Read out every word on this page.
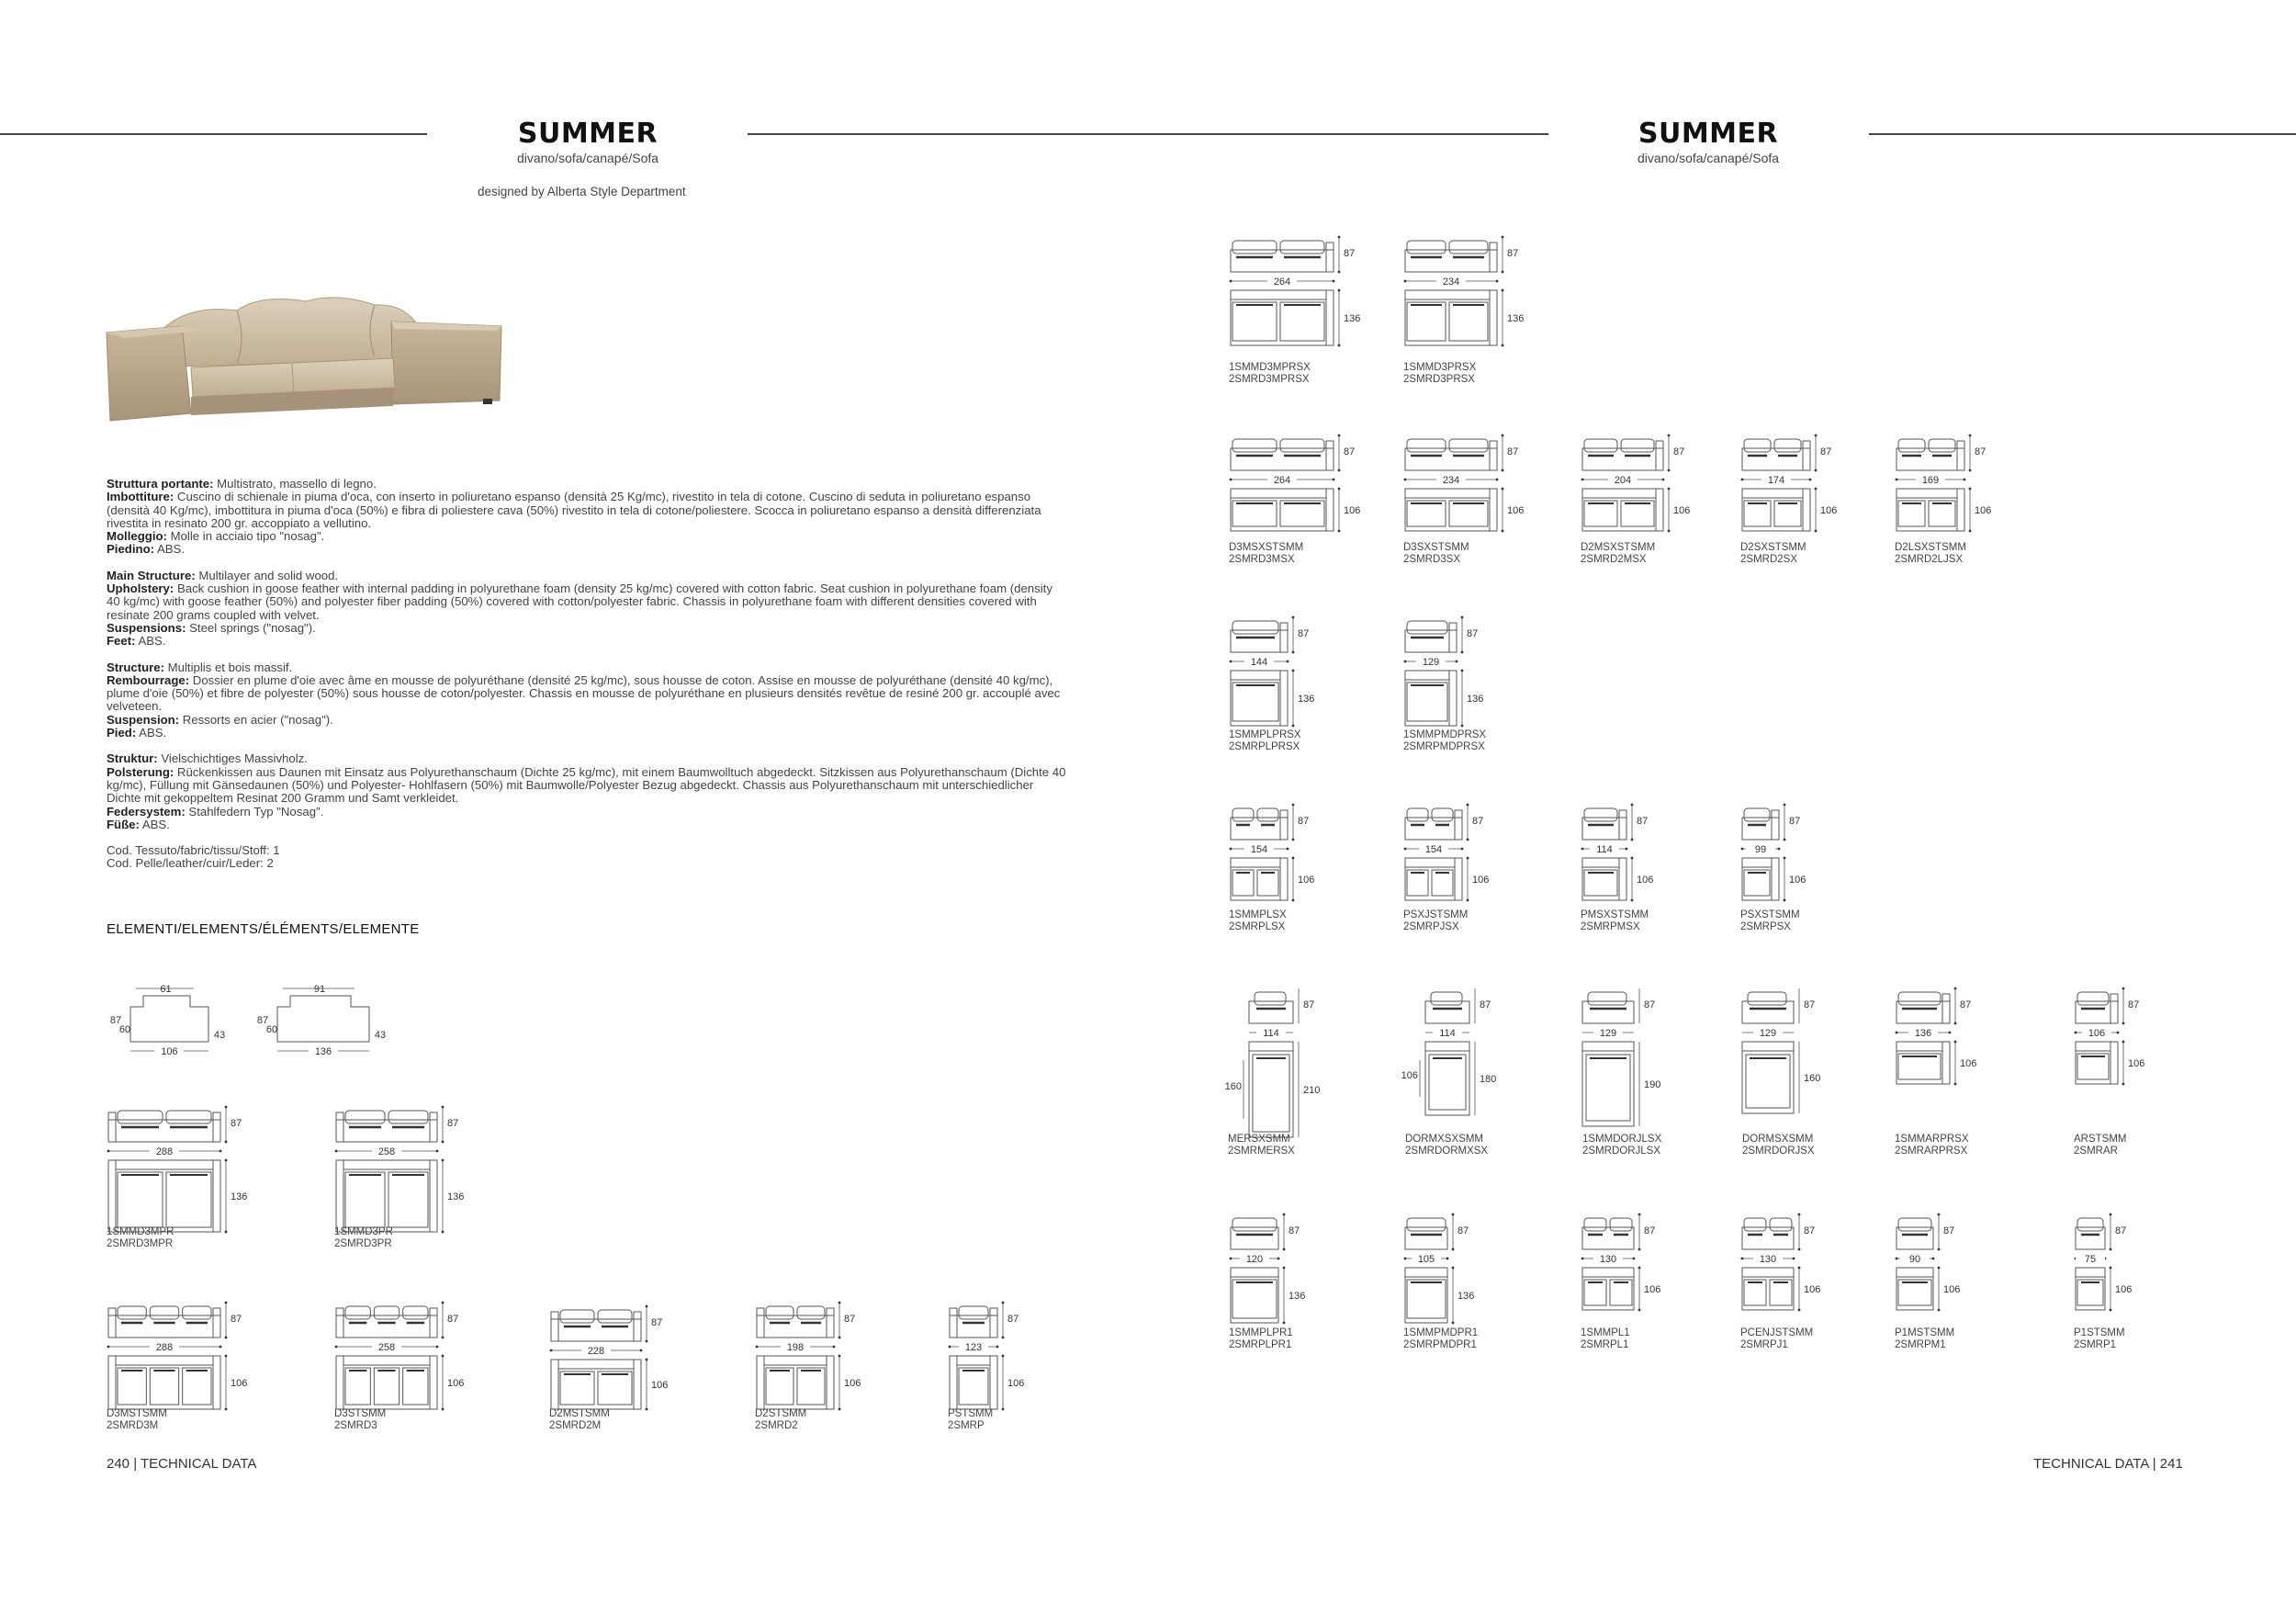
SUMMER
divano/sofa/canapé/Sofa
designed by Alberta Style Department

Struttura portante: Multistrato, massello di legno.
Imbottiture: Cuscino di schienale in piuma d'oca, con inserto in poliuretano espanso (densità 25 Kg/mc), rivestito in tela di cotone. Cuscino di seduta in poliuretano espanso (densità 40 Kg/mc), imbottitura in piuma d'oca (50%) e fibra di poliestere cava (50%) rivestito in tela di cotone/poliestere. Scocca in poliuretano espanso a densità differenziata rivestita in resinato 200 gr. accoppiato a vellutino.
Molleggio: Molle in acciaio tipo "nosag".
Piedino: ABS.

Main Structure: Multilayer and solid wood.
Upholstery: Back cushion in goose feather with internal padding in polyurethane foam (density 25 kg/mc) covered with cotton fabric. Seat cushion in polyurethane foam (density 40 kg/mc) with goose feather (50%) and polyester fiber padding (50%) covered with cotton/polyester fabric. Chassis in polyurethane foam with different densities covered with resinate 200 grams coupled with velvet.
Suspensions: Steel springs ("nosag").
Feet: ABS.

Structure: Multiplis et bois massif.
Rembourrage: Dossier en plume d'oie avec âme en mousse de polyuréthane (densité 25 kg/mc), sous housse de coton. Assise en mousse de polyuréthane (densité 40 kg/mc), plume d'oie (50%) et fibre de polyester (50%) sous housse de coton/polyester. Chassis en mousse de polyuréthane en plusieurs densités revêtue de resiné 200 gr. accouplé avec velveteen.
Suspension: Ressorts en acier ("nosag").
Pied: ABS.

Struktur: Vielschichtiges Massivholz.
Polsterung: Rückenkissen aus Daunen mit Einsatz aus Polyurethanschaum (Dichte 25 kg/mc), mit einem Baumwolltuch abgedeckt. Sitzkissen aus Polyurethanschaum (Dichte 40 kg/mc), Füllung mit Gänsedaunen (50%) und Polyester- Hohlfasern (50%) mit Baumwolle/Polyester Bezug abgedeckt. Chassis aus Polyurethanschaum mit unterschiedlicher Dichte mit gekoppeltem Resinat 200 Gramm und Samt verkleidet.
Federsystem: Stahlfedern Typ "Nosag".
Füße: ABS.

Cod. Tessuto/fabric/tissu/Stoff: 1
Cod. Pelle/leather/cuir/Leder: 2

ELEMENTI/ELEMENTS/ÉLÉMENTS/ELEMENTE
61
87
60	43
106
91
87
60	43
136
87
288
136
1SMMD3MPR
2SMRD3MPR
87
258
136
1SMMD3PR
2SMRD3PR
87
288
106
D3MSTSMM
2SMRD3M
87
258
106
D3STSMM
2SMRD3
87
228
106
D2MSTSMM
2SMRD2M
87
198
106
D2STSMM
2SMRD2
87
123
106
PSTSMM
2SMRP
240 | TECHNICAL DATA
SUMMER
divano/sofa/canapé/Sofa
87
264
136
1SMMD3MPRSX
2SMRD3MPRSX
87
234
136
1SMMD3PRSX
2SMRD3PRSX
87
264
106
D3MSXSTSMM
2SMRD3MSX
87
234
106
D3SXSTSMM
2SMRD3SX
87
204
106
D2MSXSTSMM
2SMRD2MSX
87
174
106
D2SXSTSMM
2SMRD2SX
87
169
106
D2LSXSTSMM
2SMRD2LJSX
87
144
136
1SMMPLPRSX
2SMRPLPRSX
87
129
136
1SMMPMDPRSX
2SMRPMDPRSX
87
154
106
1SMMPLSX
2SMRPLSX
87
154
106
PSXJSTSMM
2SMRPJSX
87
114
106
PMSXSTSMM
2SMRPMSX
87
99
106
PSXSTSMM
2SMRPSX
87
114
210
160
MERSXSMM
2SMRMERSX
87
114
180
106
DORMXSXSMM
2SMRDORMXSX
87
129
190
1SMMDORJLSX
2SMRDORJLSX
87
129
160
DORMSXSMM
2SMRDORJSX
87
136
106
1SMMARPRSX
2SMRARPRSX
87
106
106
ARSTSMM
2SMRAR
87
120
136
1SMMPLPR1
2SMRPLPR1
87
105
136
1SMMPMDPR1
2SMRPMDPR1
87
130
106
1SMMPL1
2SMRPL1
87
130
106
PCENJSTSMM
2SMRPJ1
87
90
106
P1MSTSMM
2SMRPM1
87
75
106
P1STSMM
2SMRP1
TECHNICAL DATA | 241
